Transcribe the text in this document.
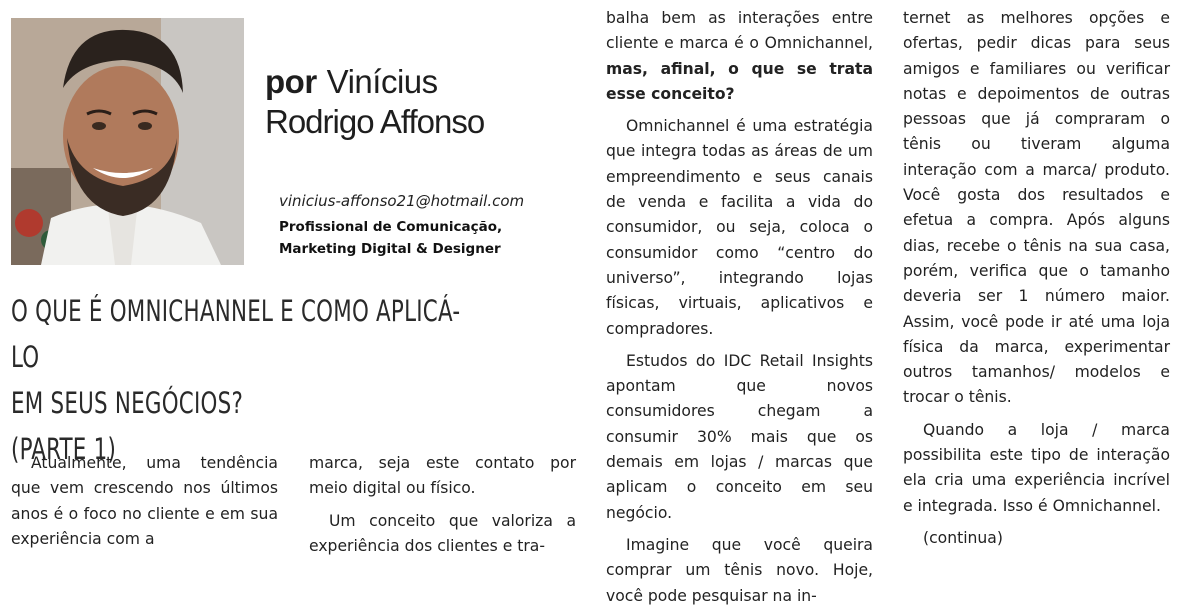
por Vinícius
Rodrigo Affonso
vinicius-affonso21@hotmail.com
Profissional de Comunicação,
Marketing Digital & Designer
O QUE É OMNICHANNEL E COMO APLICÁ-LO
EM SEUS NEGÓCIOS?
(PARTE 1)

Atualmente, uma tendência que vem crescendo nos últimos anos é o foco no cliente e em sua experiência com a

marca, seja este contato por meio digital ou físico.

Um conceito que valoriza a experiência dos clientes e tra-

balha bem as interações entre cliente e marca é o Omnichannel, mas, afinal, o que se trata esse conceito?

Omnichannel é uma estratégia que integra todas as áreas de um empreendimento e seus canais de venda e facilita a vida do consumidor, ou seja, coloca o consumidor como “centro do universo”, integrando lojas físicas, virtuais, aplicativos e compradores.

Estudos do IDC Retail Insights apontam que novos consumidores chegam a consumir 30% mais que os demais em lojas / marcas que aplicam o conceito em seu negócio.

Imagine que você queira comprar um tênis novo. Hoje, você pode pesquisar na in-

ternet as melhores opções e ofertas, pedir dicas para seus amigos e familiares ou verificar notas e depoimentos de outras pessoas que já compraram o tênis ou tiveram alguma interação com a marca/ produto. Você gosta dos resultados e efetua a compra. Após alguns dias, recebe o tênis na sua casa, porém, verifica que o tamanho deveria ser 1 número maior. Assim, você pode ir até uma loja física da marca, experimentar outros tamanhos/ modelos e trocar o tênis.

Quando a loja / marca possibilita este tipo de interação ela cria uma experiência incrível e integrada. Isso é Omnichannel.

(continua)
